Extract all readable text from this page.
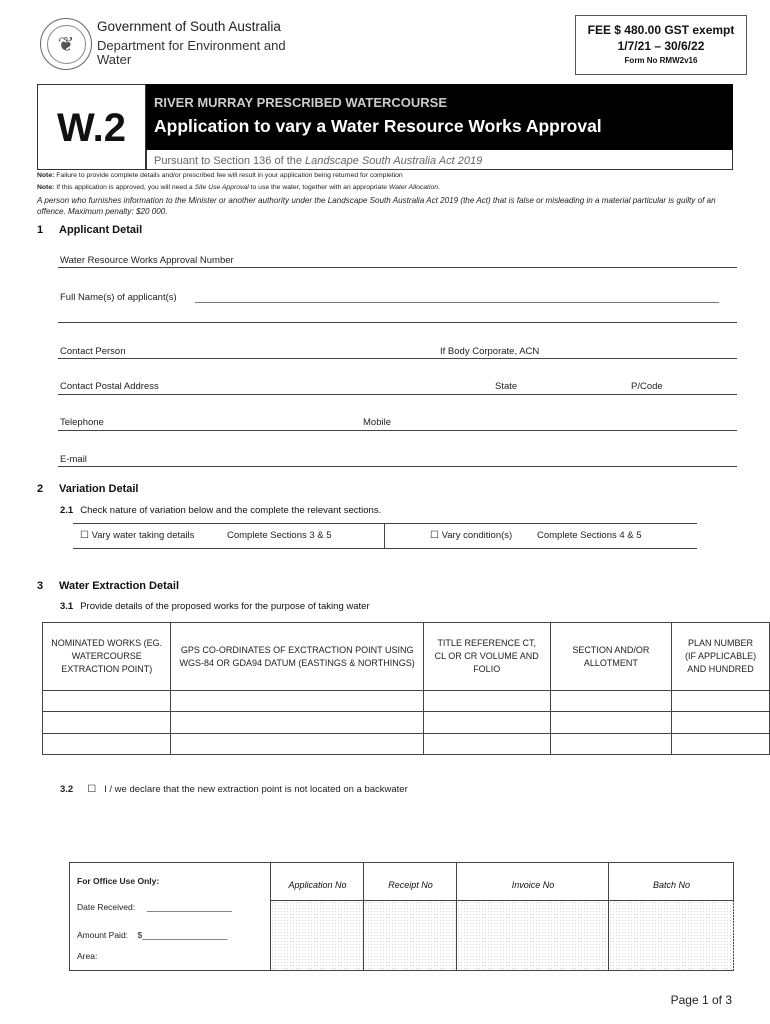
❦
Government of South Australia
Department for Environment and Water
FEE $ 480.00 GST exempt
1/7/21 – 30/6/22
Form No RMW2v16
W.2
RIVER MURRAY PRESCRIBED WATERCOURSE
Application to vary a Water Resource Works Approval
Pursuant to Section 136 of the Landscape South Australia Act 2019
Note: Failure to provide complete details and/or prescribed fee will result in your application being returned for completion
Note: If this application is approved, you will need a Site Use Approval to use the water, together with an appropriate Water Allocation.
A person who furnishes information to the Minister or another authority under the Landscape South Australia Act 2019 (the Act) that is false or misleading in a material particular is guilty of an offence. Maximum penalty: $20 000.
1 Applicant Detail
Water Resource Works Approval Number
Full Name(s) of applicant(s)
Contact Person	If Body Corporate, ACN
Contact Postal Address	State	P/Code
Telephone	Mobile
E-mail
2 Variation Detail
2.1 Check nature of variation below and the complete the relevant sections.
☐ Vary water taking details	Complete Sections 3 & 5	☐ Vary condition(s)	Complete Sections 4 & 5
3 Water Extraction Detail
3.1 Provide details of the proposed works for the purpose of taking water
NOMINATED WORKS (EG. WATERCOURSE EXTRACTION POINT)	GPS CO-ORDINATES OF EXCTRACTION POINT USING WGS-84 OR GDA94 DATUM (EASTINGS & NORTHINGS)	TITLE REFERENCE CT, CL OR CR VOLUME AND FOLIO	SECTION AND/OR ALLOTMENT	PLAN NUMBER (IF APPLICABLE) AND HUNDRED

3.2 ☐ I / we declare that the new extraction point is not located on a backwater
For Office Use Only:
Date Received: __________________
Amount Paid: $__________________
Area:
Application No	Receipt No	Invoice No	Batch No
Page 1 of 3
